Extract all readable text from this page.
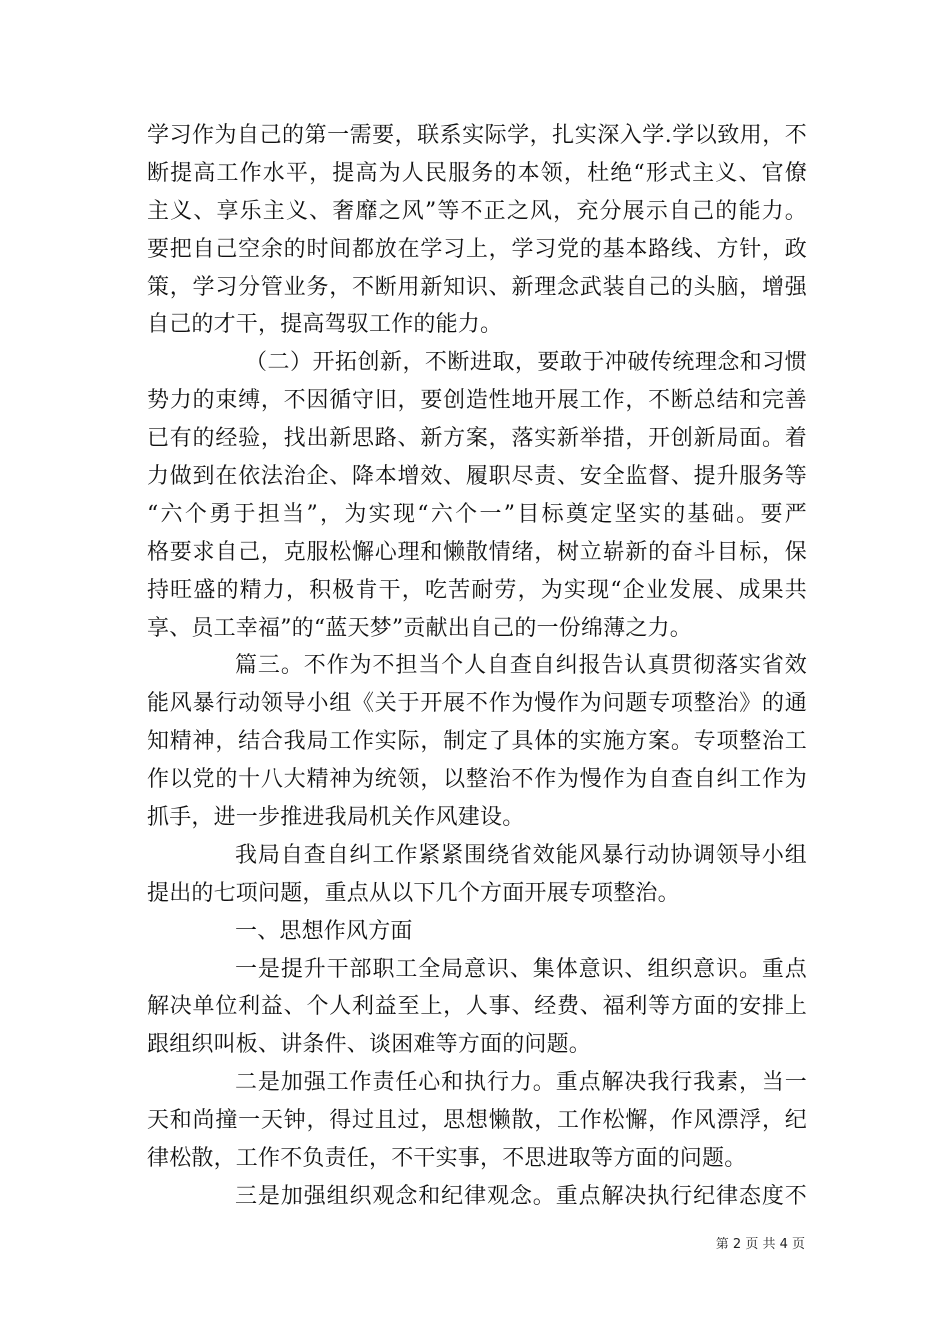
学习作为自己的第一需要，联系实际学，扎实深入学.学以致用，不
断提高工作水平，提高为人民服务的本领，杜绝“形式主义、官僚
主义、享乐主义、奢靡之风”等不正之风，充分展示自己的能力。
要把自己空余的时间都放在学习上，学习党的基本路线、方针，政
策，学习分管业务，不断用新知识、新理念武装自己的头脑，增强
自己的才干，提高驾驭工作的能力。
（二）开拓创新，不断进取，要敢于冲破传统理念和习惯
势力的束缚，不因循守旧，要创造性地开展工作，不断总结和完善
已有的经验，找出新思路、新方案，落实新举措，开创新局面。着
力做到在依法治企、降本增效、履职尽责、安全监督、提升服务等
“六个勇于担当”，为实现“六个一”目标奠定坚实的基础。要严
格要求自己，克服松懈心理和懒散情绪，树立崭新的奋斗目标，保
持旺盛的精力，积极肯干，吃苦耐劳，为实现“企业发展、成果共
享、员工幸福”的“蓝天梦”贡献出自己的一份绵薄之力。
篇三。不作为不担当个人自查自纠报告认真贯彻落实省效
能风暴行动领导小组《关于开展不作为慢作为问题专项整治》的通
知精神，结合我局工作实际，制定了具体的实施方案。专项整治工
作以党的十八大精神为统领，以整治不作为慢作为自查自纠工作为
抓手，进一步推进我局机关作风建设。
我局自查自纠工作紧紧围绕省效能风暴行动协调领导小组
提出的七项问题，重点从以下几个方面开展专项整治。
一、思想作风方面
一是提升干部职工全局意识、集体意识、组织意识。重点
解决单位利益、个人利益至上，人事、经费、福利等方面的安排上
跟组织叫板、讲条件、谈困难等方面的问题。
二是加强工作责任心和执行力。重点解决我行我素，当一
天和尚撞一天钟，得过且过，思想懒散，工作松懈，作风漂浮，纪
律松散，工作不负责任，不干实事，不思进取等方面的问题。
三是加强组织观念和纪律观念。重点解决执行纪律态度不
第 2 页 共 4 页
